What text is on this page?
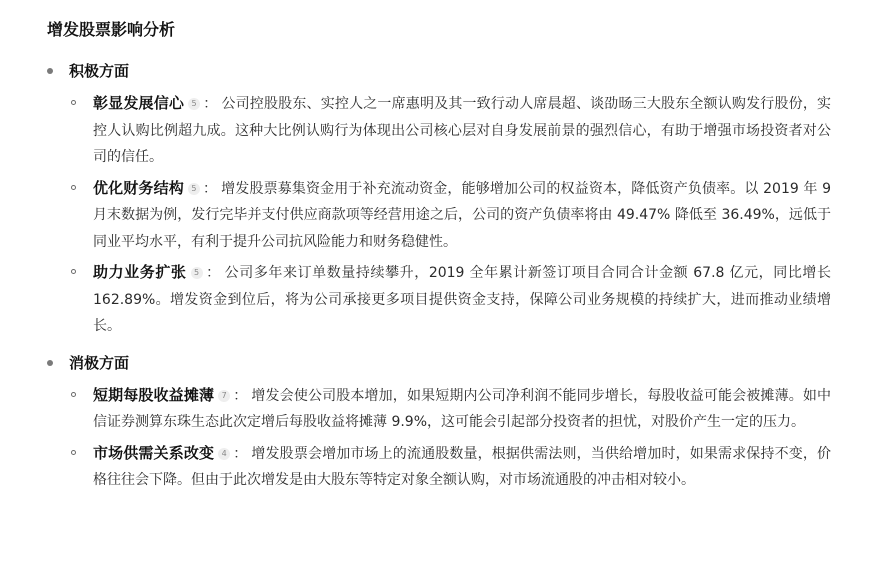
增发股票影响分析
积极方面
彰显发展信心 5 ： 公司控股股东、实控人之一席惠明及其一致行动人席晨超、谈劭旸三大股东全额认购发行股份，实控人认购比例超九成。这种大比例认购行为体现出公司核心层对自身发展前景的强烈信心，有助于增强市场投资者对公司的信任。
优化财务结构 5 ： 增发股票募集资金用于补充流动资金，能够增加公司的权益资本，降低资产负债率。以 2019 年 9 月末数据为例，发行完毕并支付供应商款项等经营用途之后，公司的资产负债率将由 49.47% 降低至 36.49%，远低于同业平均水平，有利于提升公司抗风险能力和财务稳健性。
助力业务扩张 5 ： 公司多年来订单数量持续攀升，2019 全年累计新签订项目合同合计金额 67.8 亿元，同比增长 162.89%。增发资金到位后，将为公司承接更多项目提供资金支持，保障公司业务规模的持续扩大，进而推动业绩增长。
消极方面
短期每股收益摊薄 7 ： 增发会使公司股本增加，如果短期内公司净利润不能同步增长，每股收益可能会被摊薄。如中信证券测算东珠生态此次定增后每股收益将摊薄 9.9%，这可能会引起部分投资者的担忧，对股价产生一定的压力。
市场供需关系改变 4 ： 增发股票会增加市场上的流通股数量，根据供需法则，当供给增加时，如果需求保持不变，价格往往会下降。但由于此次增发是由大股东等特定对象全额认购，对市场流通股的冲击相对较小。
